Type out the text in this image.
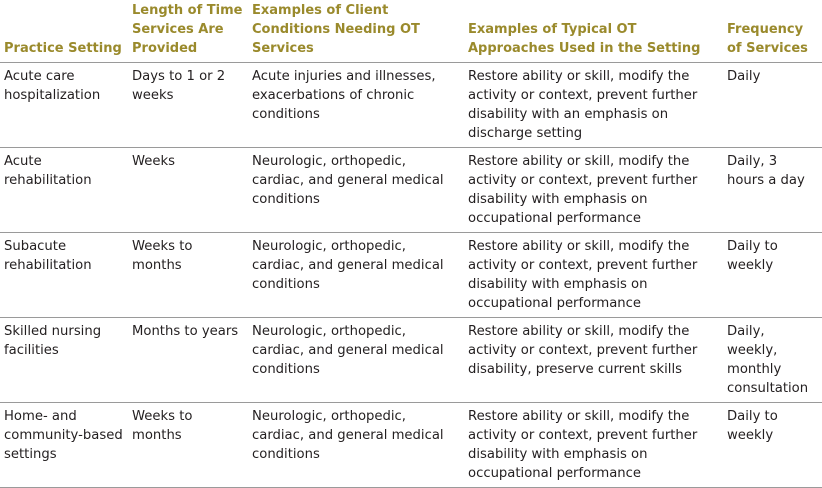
Practice Setting	Length of Time Services Are Provided	Examples of Client Conditions Needing OT Services	Examples of Typical OT Approaches Used in the Setting	Frequency of Services
Acute care hospitalization	Days to 1 or 2 weeks	Acute injuries and illnesses, exacerbations of chronic conditions	Restore ability or skill, modify the activity or context, prevent further disability with an emphasis on discharge setting	Daily
Acute rehabilitation	Weeks	Neurologic, orthopedic, cardiac, and general medical conditions	Restore ability or skill, modify the activity or context, prevent further disability with emphasis on occupational performance	Daily, 3 hours a day
Subacute rehabilitation	Weeks to months	Neurologic, orthopedic, cardiac, and general medical conditions	Restore ability or skill, modify the activity or context, prevent further disability with emphasis on occupational performance	Daily to weekly
Skilled nursing facilities	Months to years	Neurologic, orthopedic, cardiac, and general medical conditions	Restore ability or skill, modify the activity or context, prevent further disability, preserve current skills	Daily, weekly, monthly consultation
Home- and community-based settings	Weeks to months	Neurologic, orthopedic, cardiac, and general medical conditions	Restore ability or skill, modify the activity or context, prevent further disability with emphasis on occupational performance	Daily to weekly
